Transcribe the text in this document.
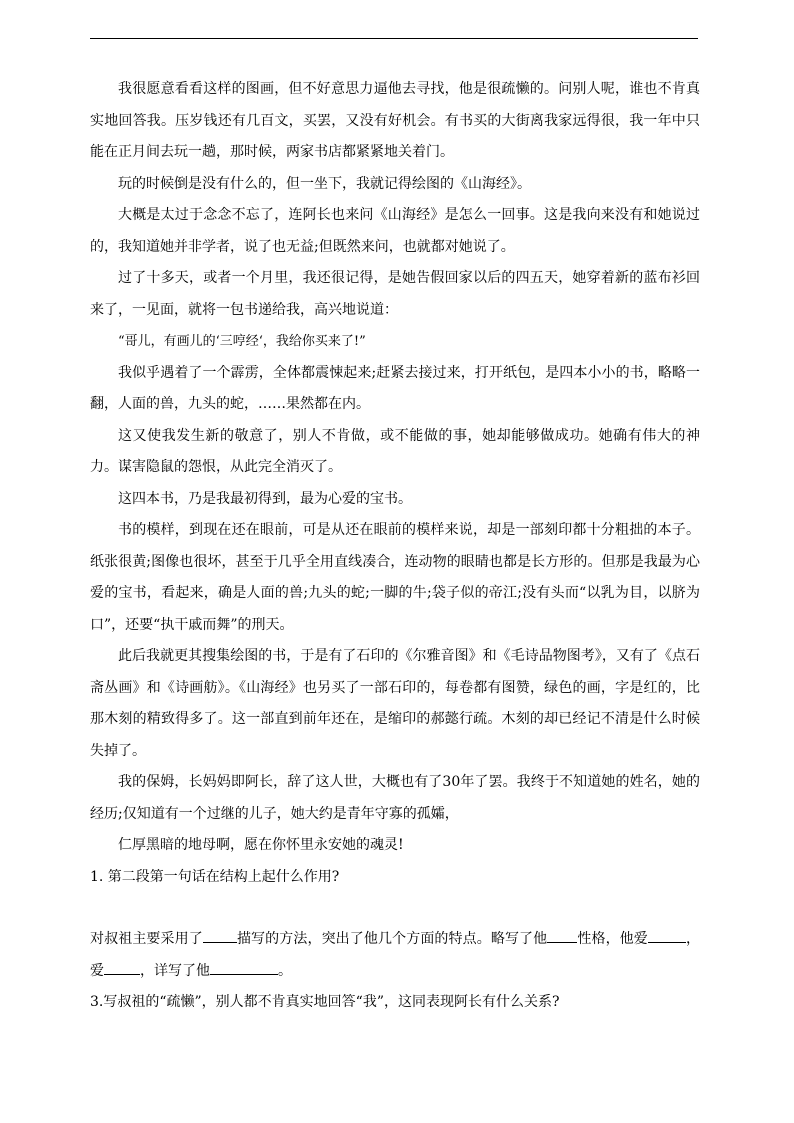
我很愿意看看这样的图画，但不好意思力逼他去寻找，他是很疏懒的。问别人呢，谁也不肯真实地回答我。压岁钱还有几百文，买罢，又没有好机会。有书买的大街离我家远得很，我一年中只能在正月间去玩一趟，那时候，两家书店都紧紧地关着门。

玩的时候倒是没有什么的，但一坐下，我就记得绘图的《山海经》。

大概是太过于念念不忘了，连阿长也来问《山海经》是怎么一回事。这是我向来没有和她说过的，我知道她并非学者，说了也无益;但既然来问，也就都对她说了。

过了十多天，或者一个月里，我还很记得，是她告假回家以后的四五天，她穿着新的蓝布衫回来了，一见面，就将一包书递给我，高兴地说道：

“哥儿，有画儿的‘三哼经‘，我给你买来了!”

我似乎遇着了一个霹雳，全体都震悚起来;赶紧去接过来，打开纸包，是四本小小的书，略略一翻，人面的兽，九头的蛇，……果然都在内。

这又使我发生新的敬意了，别人不肯做，或不能做的事，她却能够做成功。她确有伟大的神力。谋害隐鼠的怨恨，从此完全消灭了。

这四本书，乃是我最初得到，最为心爱的宝书。

书的模样，到现在还在眼前，可是从还在眼前的模样来说，却是一部刻印都十分粗拙的本子。纸张很黄;图像也很坏，甚至于几乎全用直线凑合，连动物的眼睛也都是长方形的。但那是我最为心爱的宝书，看起来，确是人面的兽;九头的蛇;一脚的牛;袋子似的帝江;没有头而“以乳为目，以脐为口”，还要“执干戚而舞”的刑天。

此后我就更其搜集绘图的书，于是有了石印的《尔雅音图》和《毛诗品物图考》，又有了《点石斋丛画》和《诗画舫》。《山海经》也另买了一部石印的，每卷都有图赞，绿色的画，字是红的，比那木刻的精致得多了。这一部直到前年还在，是缩印的郝懿行疏。木刻的却已经记不清是什么时候失掉了。

我的保姆，长妈妈即阿长，辞了这人世，大概也有了30年了罢。我终于不知道她的姓名，她的经历;仅知道有一个过继的儿子，她大约是青年守寡的孤孀，

仁厚黑暗的地母啊，愿在你怀里永安她的魂灵!

1. 第二段第一句话在结构上起什么作用?

对叔祖主要采用了 描写的方法，突出了他几个方面的特点。略写了他 性格，他爱	，爱	，详写了他	。

3.写叔祖的“疏懒”，别人都不肯真实地回答“我”，这同表现阿长有什么关系?
